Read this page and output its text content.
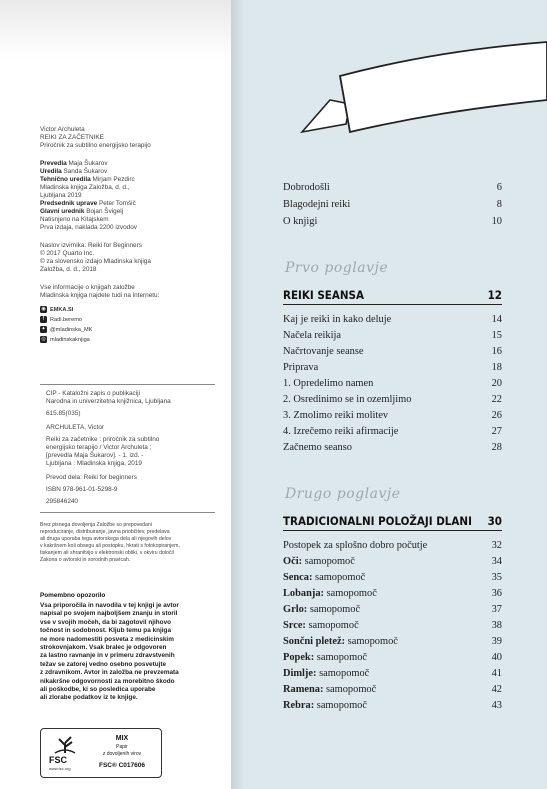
Victor Archuleta
REIKI ZA ZAČETNIKE
Priročnik za subtilno energijsko terapijo
Prevedla Maja Šukarov
Uredila Sanda Šukarov
Tehnično uredila Mirjam Pezdirc
Mladinska knjiga Založba, d. d.,
Ljubljana 2019
Predsednik uprave Peter Tomšič
Glavni urednik Bojan Švigelj
Natisnjeno na Kitajskem
Prva izdaja, naklada 2200 izvodov
Naslov izvirnika: Reiki for Beginners
© 2017 Quarto Inc.
© za slovensko izdajo Mladinska knjiga
Založba, d. d., 2018
Vse informacije o knjigah založbe
Mladinska knjiga najdete tudi na internetu:
◉ EMKA.SI
f	Radi.beremo
✦ @mladinska_MK
◎ mladinskaknjiga
CIP - Kataložni zapis o publikaciji
Narodna in univerzitetna knjižnica, Ljubljana
615.85(035)
ARCHULETA, Victor
Reiki za začetnike : priročnik za subtilno
energijsko terapijo / Victor Archuleta ;
[prevedla Maja Šukarov]. - 1. izd. -
Ljubljana : Mladinska knjiga, 2019
Prevod dela: Reiki for beginners
ISBN 978-961-01-5298-9
295846240
Brez pisnega dovoljenja Založbe so prepovedani
reproduciranje, distribuiranje, javna priobčitev, predelava
ali druga uporaba tega avtorskega dela ali njegovih delov
v kakršnem koli obsegu ali postopku, hkrati s fotokopiranjem,
tiskanjem ali shranitvijo v elektronski obliki, v okviru določil
Zakona o avtorski in sorodnih pravicah.
Pomembno opozorilo
Vsa priporočila in navodila v tej knjigi je avtor
napisal po svojem najboljšem znanju in storil
vse v svojih močeh, da bi zagotovil njihovo
točnost in sodobnost. Kljub temu pa knjiga
ne more nadomestiti posveta z medicinskim
strokovnjakom. Vsak bralec je odgovoren
za lastno ravnanje in v primeru zdravstvenih
težav se zatorej vedno osebno posvetujte
z zdravnikom. Avtor in založba ne prevzemata
nikakršne odgovornosti za morebitno škodo
ali poškodbe, ki so posledica uporabe
ali zlorabe podatkov iz te knjige.
FSC
www.fsc.org
MIX
Papir
z dovoljenih virov
FSC® C017606
Dobrodošli	6
Blagodejni reiki	8
O knjigi	10
Prvo poglavje
REIKI SEANSA	12
Kaj je reiki in kako deluje	14
Načela reikija	15
Načrtovanje seanse	16
Priprava	18
1. Opredelimo namen	20
2. Osredinimo se in ozemljimo	22
3. Zmolimo reiki molitev	26
4. Izrečemo reiki afirmacije	27
Začnemo seanso	28
Drugo poglavje
TRADICIONALNI POLOŽAJI DLANI 30
Postopek za splošno dobro počutje	32
Oči: samopomoč	34
Senca: samopomoč	35
Lobanja: samopomoč	36
Grlo: samopomoč	37
Srce: samopomoč	38
Sončni pletež: samopomoč	39
Popek: samopomoč	40
Dimlje: samopomoč	41
Ramena: samopomoč	42
Rebra: samopomoč	43
